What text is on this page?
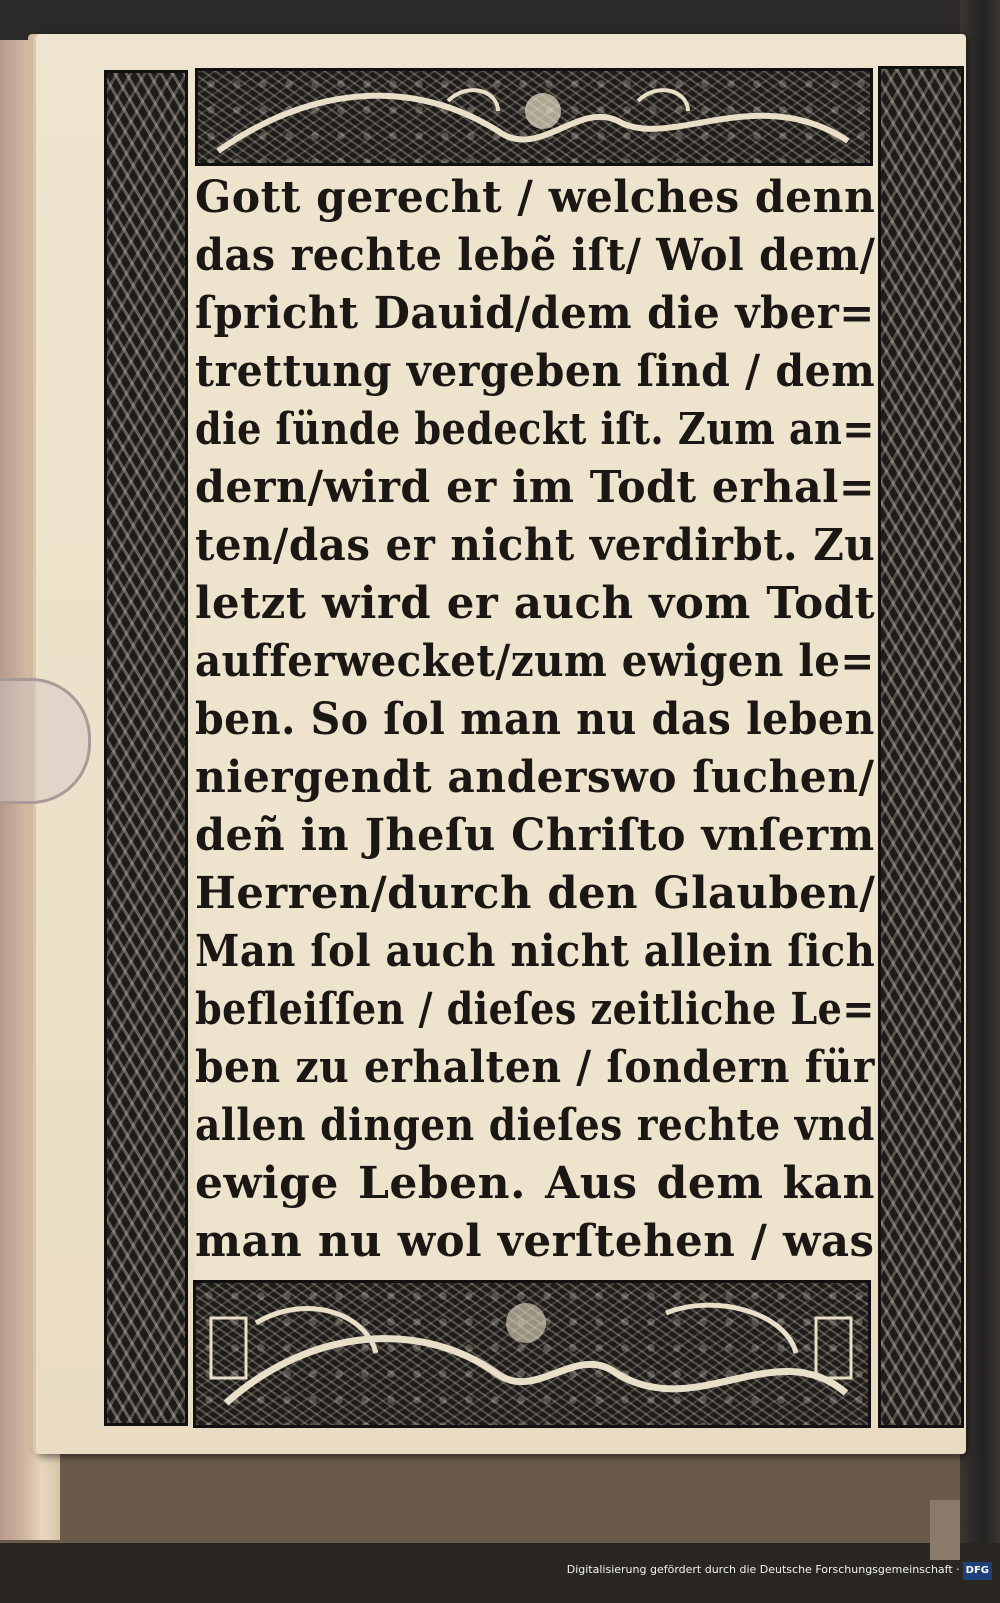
Gott gerecht / welches denn
das rechte lebẽ iſt/ Wol dem/
ſpricht Dauid/dem die vber=
trettung vergeben ſind / dem
die ſünde bedeckt iſt. Zum an=
dern/wird er im Todt erhal=
ten/das er nicht verdirbt. Zu
letzt wird er auch vom Todt
aufferwecket/zum ewigen le=
ben. So ſol man nu das leben
niergendt anderswo ſuchen/
deñ in Jheſu Chriſto vnſerm
Herren/durch den Glauben/
Man ſol auch nicht allein ſich
befleiſſen / dieſes zeitliche Le=
ben zu erhalten / ſondern für
allen dingen dieſes rechte vnd
ewige Leben. Aus dem kan
man nu wol verſtehen / was
Digitalisierung gefördert durch die Deutsche Forschungsgemeinschaft · DFG
